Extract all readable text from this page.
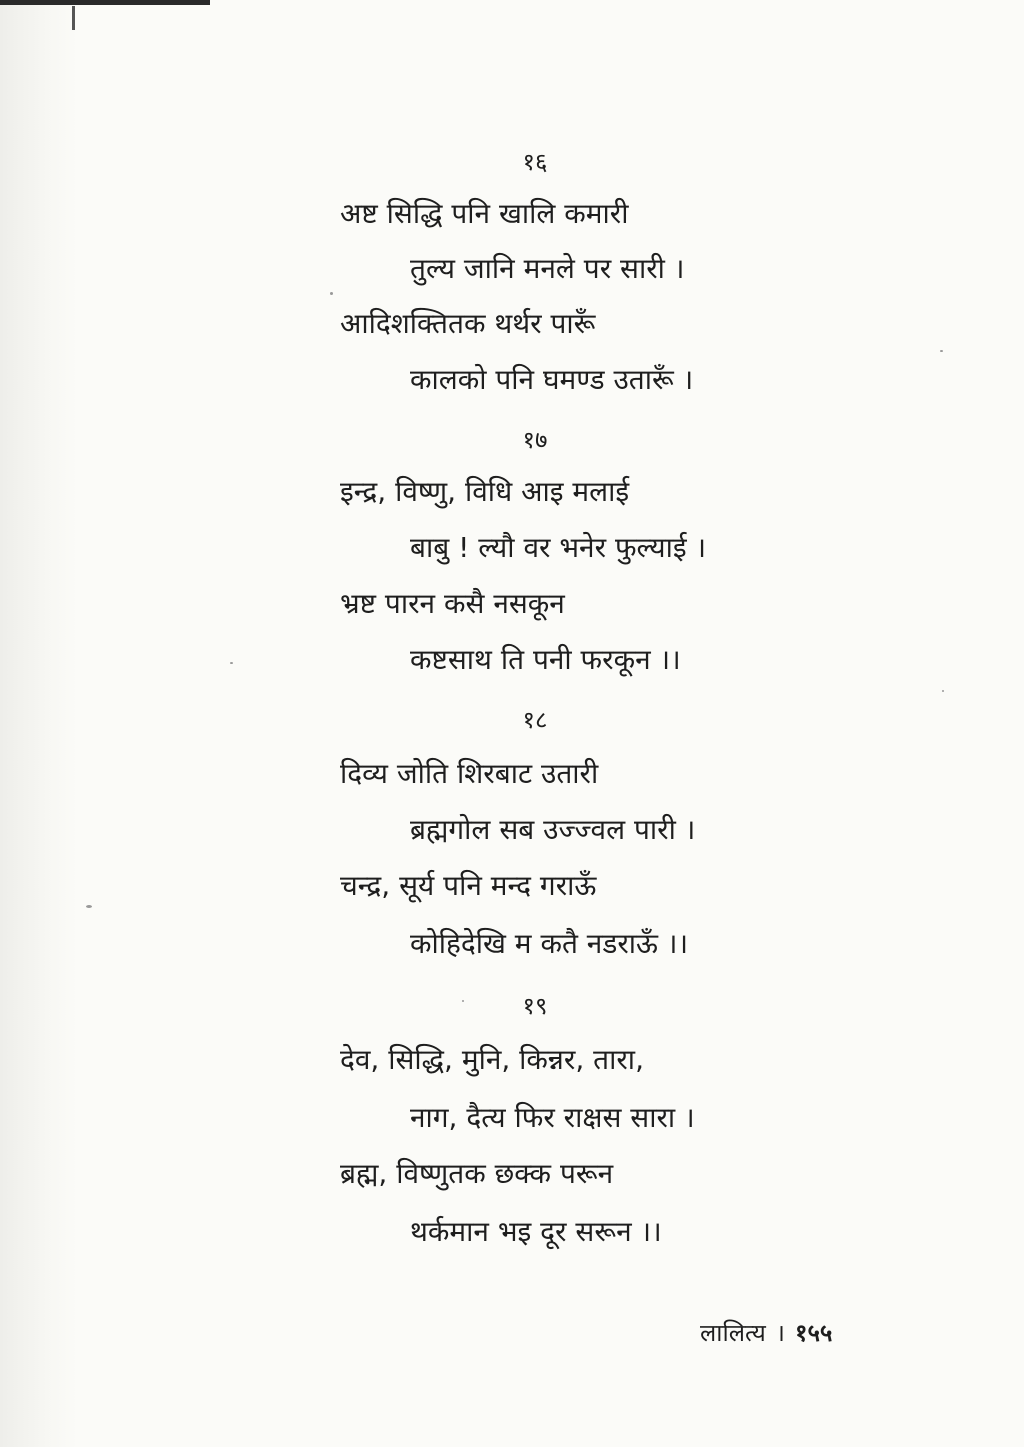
१६
अष्ट सिद्धि पनि खालि कमारी
तुल्य जानि मनले पर सारी ।
आदिशक्तितक थर्थर पारूँ
कालको पनि घमण्ड उतारूँ ।
१७
इन्द्र, विष्णु, विधि आइ मलाई
बाबु ! ल्यौ वर भनेर फुल्याई ।
भ्रष्ट पारन कसै नसकून
कष्टसाथ ति पनी फरकून ।।
१८
दिव्य जोति शिरबाट उतारी
ब्रह्मगोल सब उज्ज्वल पारी ।
चन्द्र, सूर्य पनि मन्द गराऊँ
कोहिदेखि म कतै नडराऊँ ।।
१९
देव, सिद्धि, मुनि, किन्नर, तारा,
नाग, दैत्य फिर राक्षस सारा ।
ब्रह्म, विष्णुतक छक्क परून
थर्कमान भइ दूर सरून ।।
लालित्य । १५५
